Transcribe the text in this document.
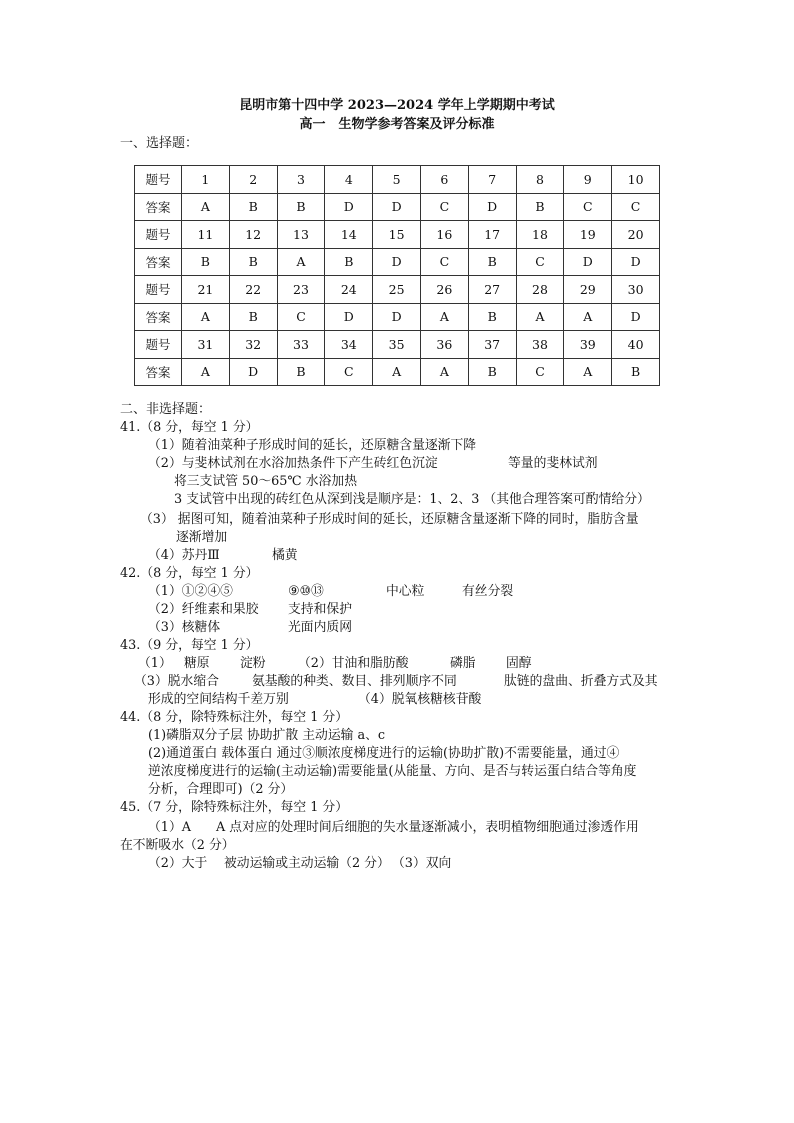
昆明市第十四中学 2023—2024 学年上学期期中考试
高一　生物学参考答案及评分标准
一、选择题：
题号	1	2	3	4	5	6	7	8	9	10
答案	A	B	B	D	D	C	D	B	C	C
题号	11	12	13	14	15	16	17	18	19	20
答案	B	B	A	B	D	C	B	C	D	D
题号	21	22	23	24	25	26	27	28	29	30
答案	A	B	C	D	D	A	B	A	A	D
题号	31	32	33	34	35	36	37	38	39	40
答案	A	D	B	C	A	A	B	C	A	B
二、非选择题：
41.（8 分，每空 1 分）
（1）随着油菜种子形成时间的延长，还原糖含量逐渐下降
（2）与斐林试剂在水浴加热条件下产生砖红色沉淀	等量的斐林试剂
将三支试管 50～65℃ 水浴加热
3 支试管中出现的砖红色从深到浅是顺序是：1、2、3 （其他合理答案可酌情给分）
（3） 据图可知，随着油菜种子形成时间的延长，还原糖含量逐渐下降的同时，脂肪含量
逐渐增加
（4）苏丹Ⅲ	橘黄
42.（8 分，每空 1 分）
（1）①②④⑤	⑨⑩⑬	中心粒	有丝分裂
（2）纤维素和果胶 支持和保护
（3）核糖体	光面内质网
43.（9 分，每空 1 分）
（1） 糖原 淀粉	（2）甘油和脂肪酸	磷脂 固醇
（3）脱水缩合	氨基酸的种类、数目、排列顺序不同	肽链的盘曲、折叠方式及其
形成的空间结构千差万别	（4）脱氧核糖核苷酸
44.（8 分，除特殊标注外，每空 1 分）
(1)磷脂双分子层 协助扩散 主动运输 a、c
(2)通道蛋白 载体蛋白 通过③顺浓度梯度进行的运输(协助扩散)不需要能量，通过④
逆浓度梯度进行的运输(主动运输)需要能量(从能量、方向、是否与转运蛋白结合等角度
分析，合理即可)（2 分）
45.（7 分，除特殊标注外，每空 1 分）
（1）A A 点对应的处理时间后细胞的失水量逐渐减小，表明植物细胞通过渗透作用
在不断吸水（2 分）
（2）大于 被动运输或主动运输（2 分） （3）双向
